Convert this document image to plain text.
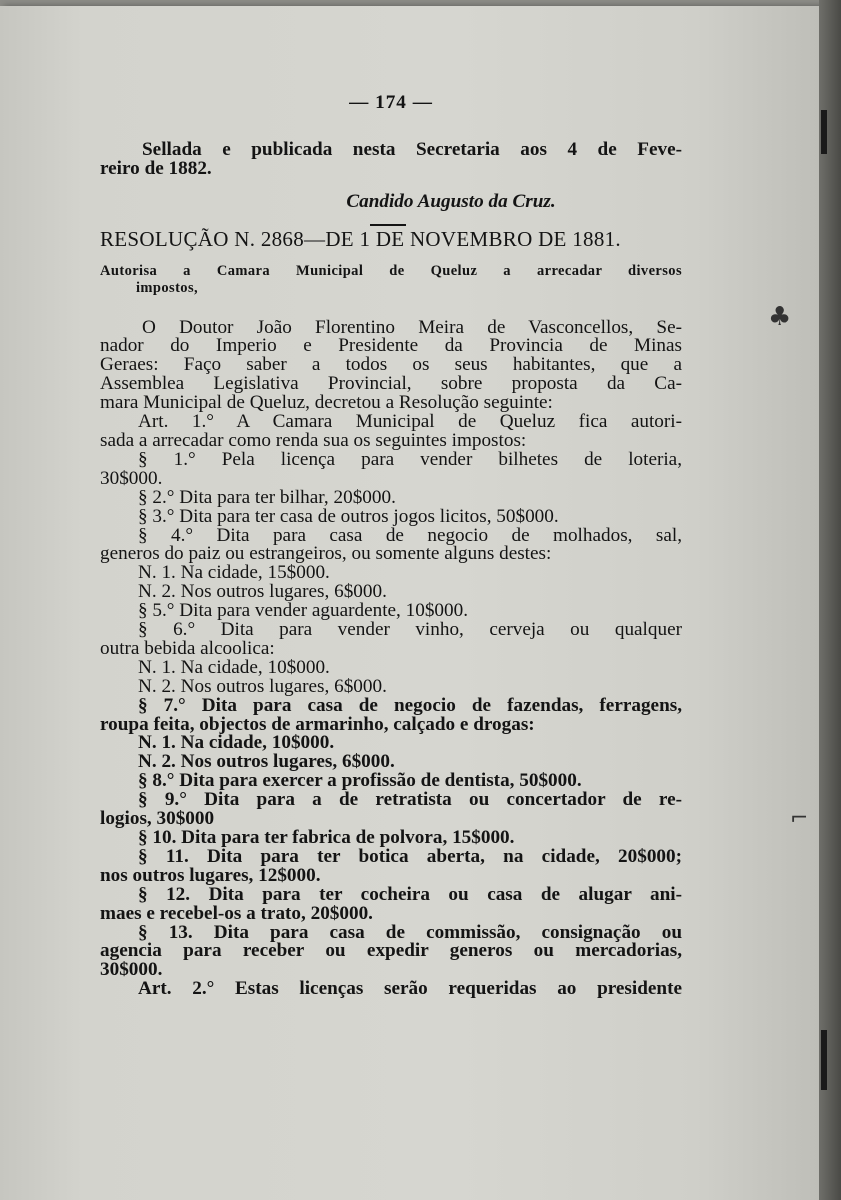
— 174 —
Sellada e publicada nesta Secretaria aos 4 de Feve-
reiro de 1882.
Candido Augusto da Cruz.
RESOLUÇÃO N. 2868—DE 1 DE NOVEMBRO DE 1881.
Autorisa a Camara Municipal de Queluz a arrecadar diversos
impostos,
O Doutor João Florentino Meira de Vasconcellos, Se-
nador do Imperio e Presidente da Provincia de Minas
Geraes: Faço saber a todos os seus habitantes, que a
Assemblea Legislativa Provincial, sobre proposta da Ca-
mara Municipal de Queluz, decretou a Resolução seguinte:
Art. 1.° A Camara Municipal de Queluz fica autori-
sada a arrecadar como renda sua os seguintes impostos:
§ 1.° Pela licença para vender bilhetes de loteria,
30$000.
§ 2.° Dita para ter bilhar, 20$000.
§ 3.° Dita para ter casa de outros jogos licitos, 50$000.
§ 4.° Dita para casa de negocio de molhados, sal,
generos do paiz ou estrangeiros, ou somente alguns destes:
N. 1. Na cidade, 15$000.
N. 2. Nos outros lugares, 6$000.
§ 5.° Dita para vender aguardente, 10$000.
§ 6.° Dita para vender vinho, cerveja ou qualquer
outra bebida alcoolica:
N. 1. Na cidade, 10$000.
N. 2. Nos outros lugares, 6$000.
§ 7.° Dita para casa de negocio de fazendas, ferragens,
roupa feita, objectos de armarinho, calçado e drogas:
N. 1. Na cidade, 10$000.
N. 2. Nos outros lugares, 6$000.
§ 8.° Dita para exercer a profissão de dentista, 50$000.
§ 9.° Dita para a de retratista ou concertador de re-
logios, 30$000
§ 10. Dita para ter fabrica de polvora, 15$000.
§ 11. Dita para ter botica aberta, na cidade, 20$000;
nos outros lugares, 12$000.
§ 12. Dita para ter cocheira ou casa de alugar ani-
maes e recebel-os a trato, 20$000.
§ 13. Dita para casa de commissão, consignação ou
agencia para receber ou expedir generos ou mercadorias,
30$000.
Art. 2.° Estas licenças serão requeridas ao presidente
♣
⌐
